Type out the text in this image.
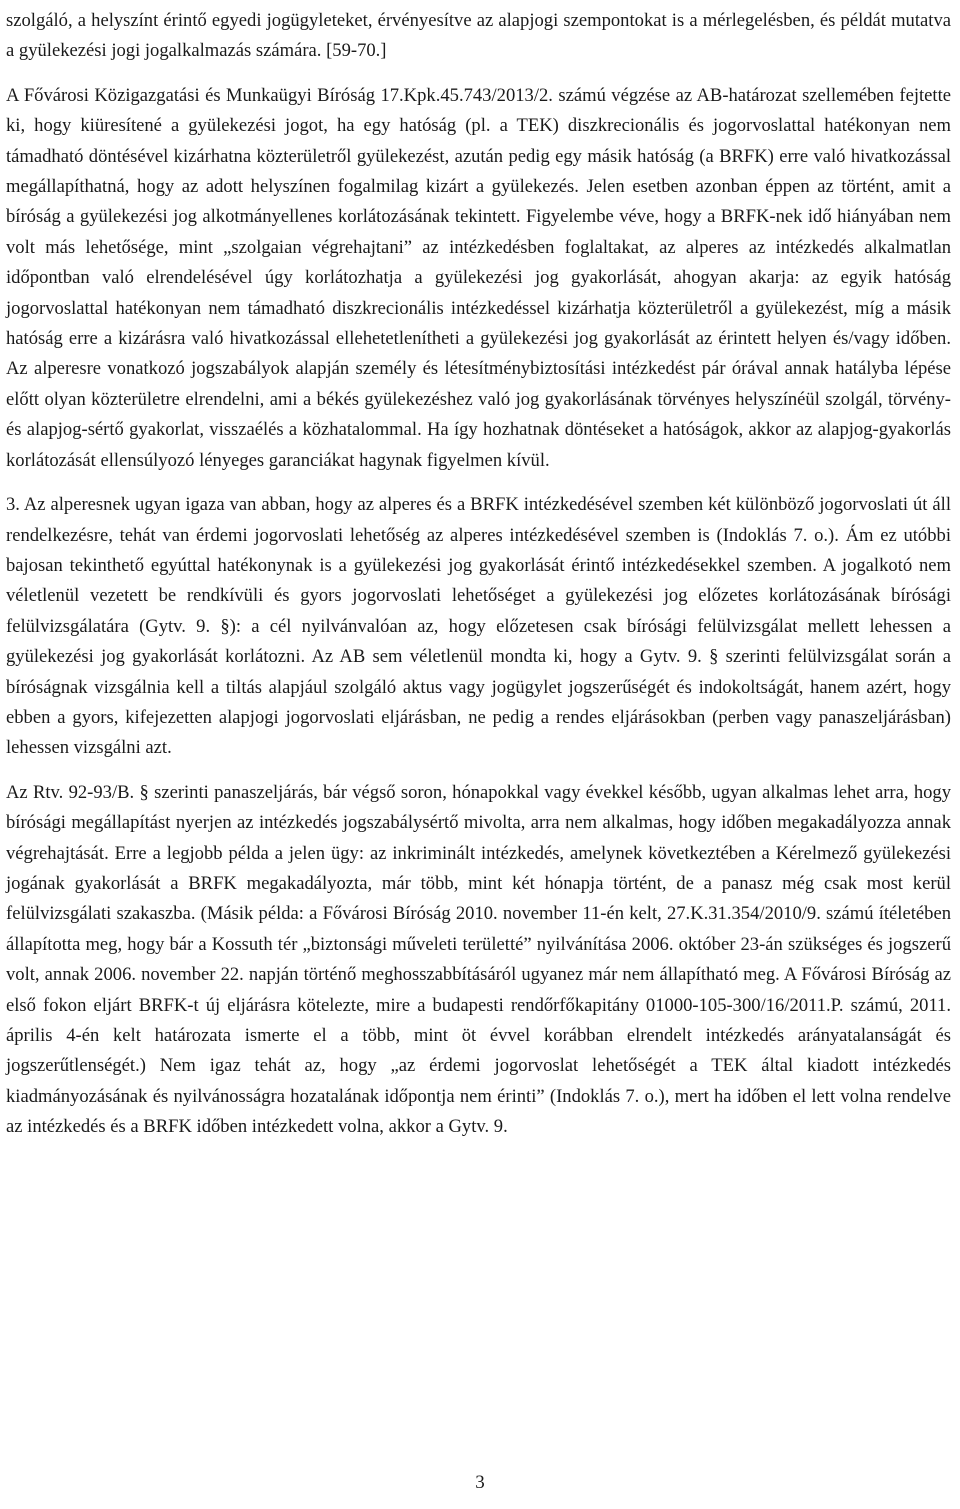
szolgáló, a helyszínt érintő egyedi jogügyleteket, érvényesítve az alapjogi szempontokat is a mérlegelésben, és példát mutatva a gyülekezési jogi jogalkalmazás számára. [59-70.]

A Fővárosi Közigazgatási és Munkaügyi Bíróság 17.Kpk.45.743/2013/2. számú végzése az AB-határozat szellemében fejtette ki, hogy kiüresítené a gyülekezési jogot, ha egy hatóság (pl. a TEK) diszkrecionális és jogorvoslattal hatékonyan nem támadható döntésével kizárhatna közterületről gyülekezést, azután pedig egy másik hatóság (a BRFK) erre való hivatkozással megállapíthatná, hogy az adott helyszínen fogalmilag kizárt a gyülekezés. Jelen esetben azonban éppen az történt, amit a bíróság a gyülekezési jog alkotmányellenes korlátozásának tekintett. Figyelembe véve, hogy a BRFK-nek idő hiányában nem volt más lehetősége, mint „szolgaian végrehajtani” az intézkedésben foglaltakat, az alperes az intézkedés alkalmatlan időpontban való elrendelésével úgy korlátozhatja a gyülekezési jog gyakorlását, ahogyan akarja: az egyik hatóság jogorvoslattal hatékonyan nem támadható diszkrecionális intézkedéssel kizárhatja közterületről a gyülekezést, míg a másik hatóság erre a kizárásra való hivatkozással ellehetetlenítheti a gyülekezési jog gyakorlását az érintett helyen és/vagy időben. Az alperesre vonatkozó jogszabályok alapján személy és létesítménybiztosítási intézkedést pár órával annak hatályba lépése előtt olyan közterületre elrendelni, ami a békés gyülekezéshez való jog gyakorlásának törvényes helyszínéül szolgál, törvény- és alapjog-sértő gyakorlat, visszaélés a közhatalommal. Ha így hozhatnak döntéseket a hatóságok, akkor az alapjog-gyakorlás korlátozását ellensúlyozó lényeges garanciákat hagynak figyelmen kívül.

3. Az alperesnek ugyan igaza van abban, hogy az alperes és a BRFK intézkedésével szemben két különböző jogorvoslati út áll rendelkezésre, tehát van érdemi jogorvoslati lehetőség az alperes intézkedésével szemben is (Indoklás 7. o.). Ám ez utóbbi bajosan tekinthető egyúttal hatékonynak is a gyülekezési jog gyakorlását érintő intézkedésekkel szemben. A jogalkotó nem véletlenül vezetett be rendkívüli és gyors jogorvoslati lehetőséget a gyülekezési jog előzetes korlátozásának bírósági felülvizsgálatára (Gytv. 9. §): a cél nyilvánvalóan az, hogy előzetesen csak bírósági felülvizsgálat mellett lehessen a gyülekezési jog gyakorlását korlátozni. Az AB sem véletlenül mondta ki, hogy a Gytv. 9. § szerinti felülvizsgálat során a bíróságnak vizsgálnia kell a tiltás alapjául szolgáló aktus vagy jogügylet jogszerűségét és indokoltságát, hanem azért, hogy ebben a gyors, kifejezetten alapjogi jogorvoslati eljárásban, ne pedig a rendes eljárásokban (perben vagy panaszeljárásban) lehessen vizsgálni azt.

Az Rtv. 92-93/B. § szerinti panaszeljárás, bár végső soron, hónapokkal vagy évekkel később, ugyan alkalmas lehet arra, hogy bírósági megállapítást nyerjen az intézkedés jogszabálysértő mivolta, arra nem alkalmas, hogy időben megakadályozza annak végrehajtását. Erre a legjobb példa a jelen ügy: az inkriminált intézkedés, amelynek következtében a Kérelmező gyülekezési jogának gyakorlását a BRFK megakadályozta, már több, mint két hónapja történt, de a panasz még csak most kerül felülvizsgálati szakaszba. (Másik példa: a Fővárosi Bíróság 2010. november 11-én kelt, 27.K.31.354/2010/9. számú ítéletében állapította meg, hogy bár a Kossuth tér „biztonsági műveleti területté” nyilvánítása 2006. október 23-án szükséges és jogszerű volt, annak 2006. november 22. napján történő meghosszabbításáról ugyanez már nem állapítható meg. A Fővárosi Bíróság az első fokon eljárt BRFK-t új eljárásra kötelezte, mire a budapesti rendőrfőkapitány 01000-105-300/16/2011.P. számú, 2011. április 4-én kelt határozata ismerte el a több, mint öt évvel korábban elrendelt intézkedés arányatalanságát és jogszerűtlenségét.) Nem igaz tehát az, hogy „az érdemi jogorvoslat lehetőségét a TEK által kiadott intézkedés kiadmányozásának és nyilvánosságra hozatalának időpontja nem érinti” (Indoklás 7. o.), mert ha időben el lett volna rendelve az intézkedés és a BRFK időben intézkedett volna, akkor a Gytv. 9.

3
